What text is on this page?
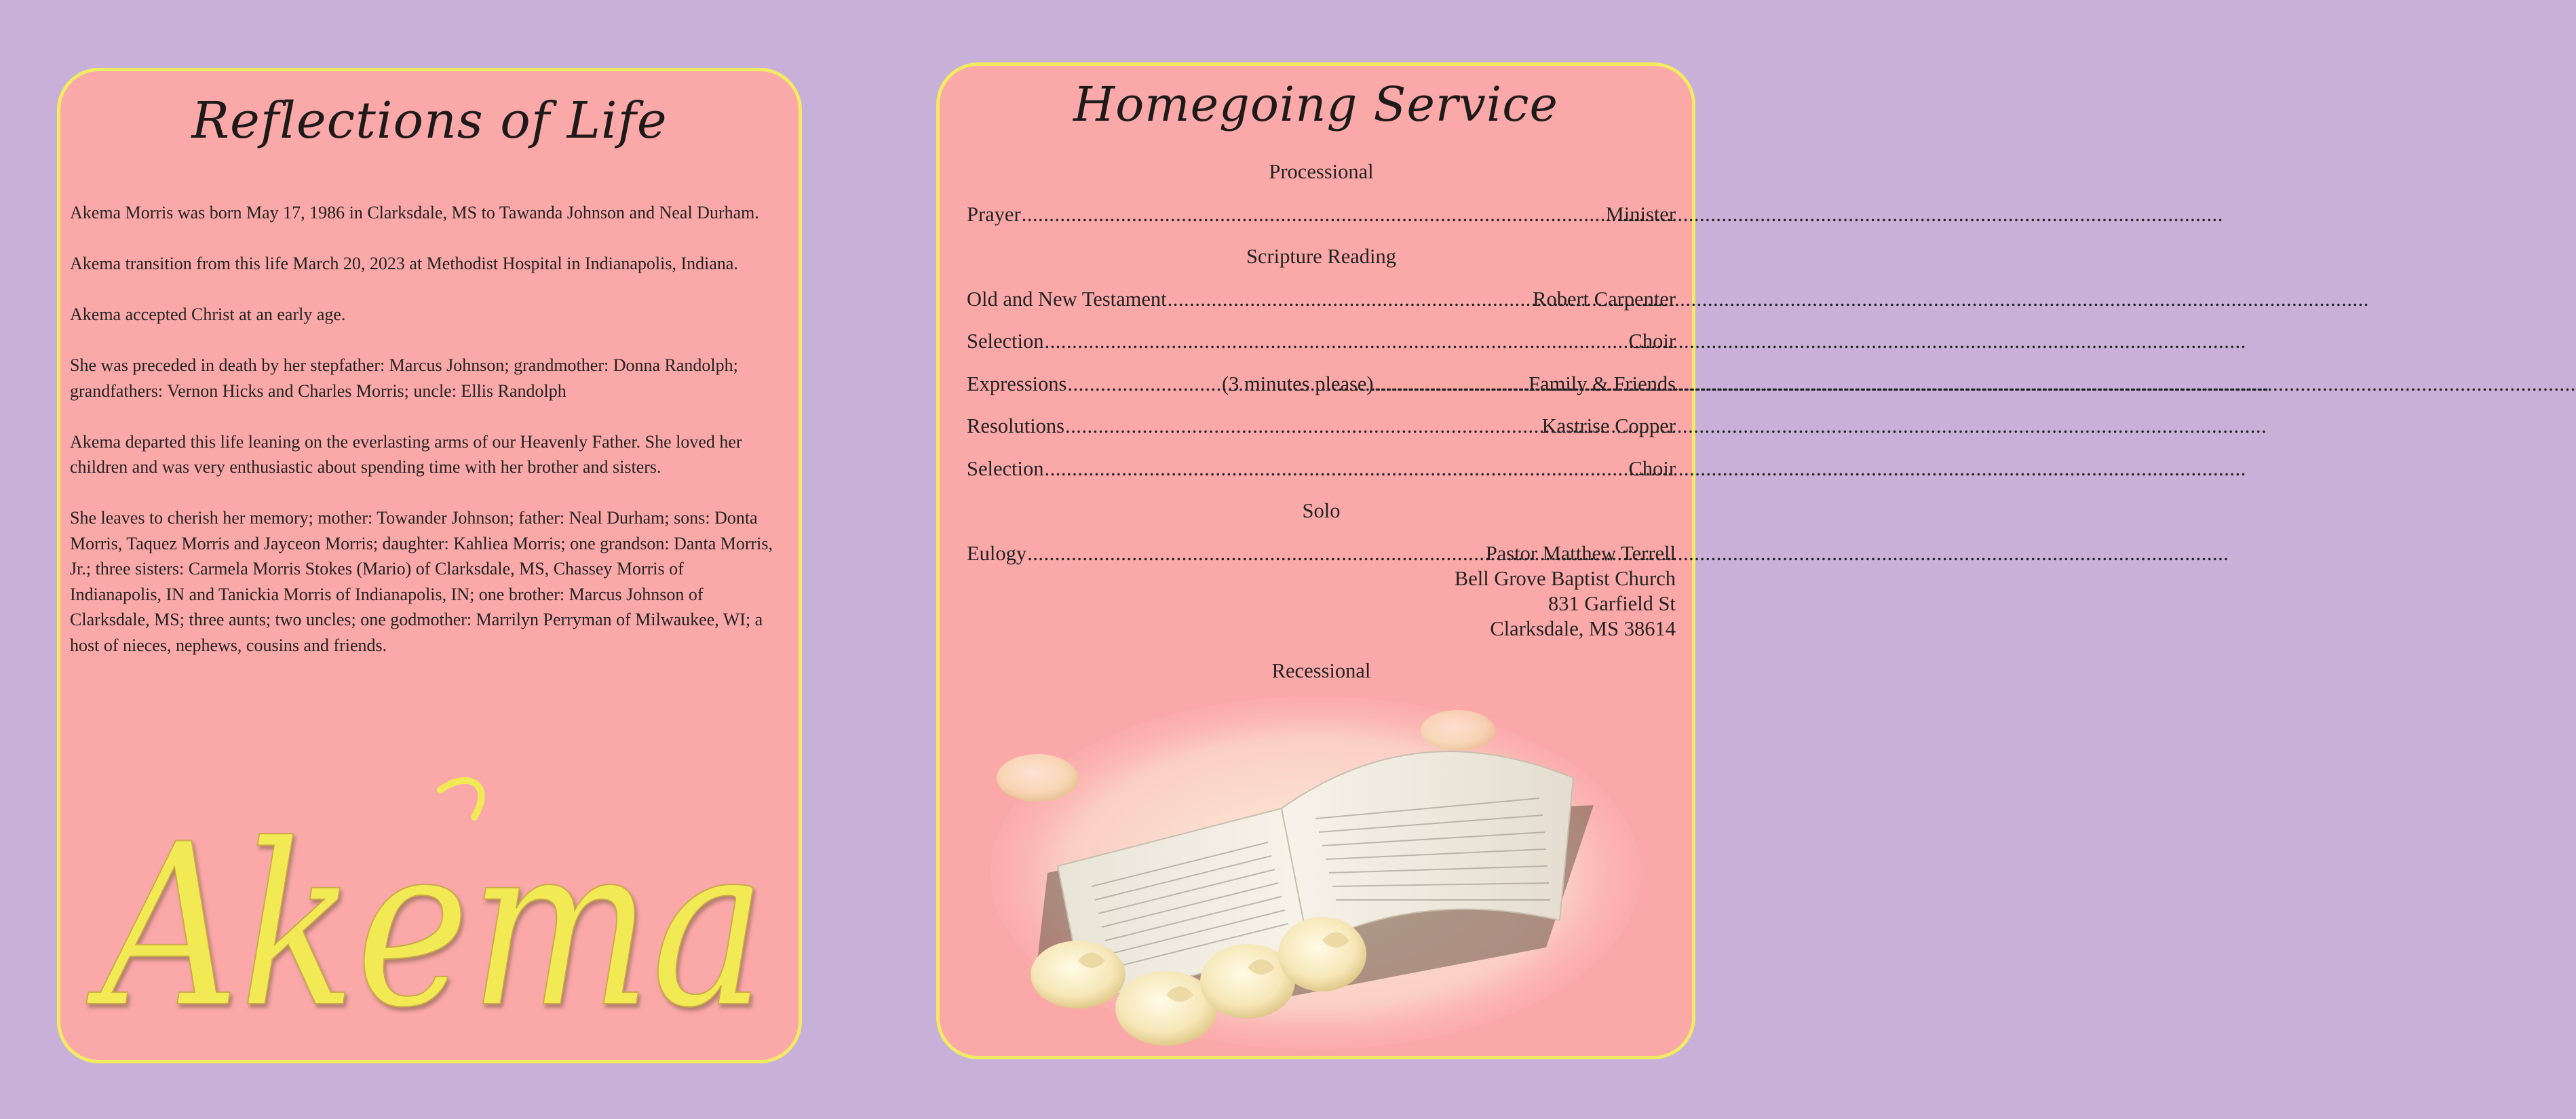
Reflections of Life

Akema Morris was born May 17, 1986 in Clarksdale, MS to Tawanda Johnson and Neal Durham.

Akema transition from this life March 20, 2023 at Methodist Hospital in Indianapolis, Indiana.

Akema accepted Christ at an early age.

She was preceded in death by her stepfather: Marcus Johnson; grandmother: Donna Randolph; grandfathers: Vernon Hicks and Charles Morris; uncle: Ellis Randolph

Akema departed this life leaning on the everlasting arms of our Heavenly Father. She loved her children and was very enthusiastic about spending time with her brother and sisters.

She leaves to cherish her memory; mother: Towander Johnson; father: Neal Durham; sons: Donta Morris, Taquez Morris and Jayceon Morris; daughter: Kahliea Morris; one grandson: Danta Morris, Jr.; three sisters: Carmela Morris Stokes (Mario) of Clarksdale, MS, Chassey Morris of Indianapolis, IN and Tanickia Morris of Indianapolis, IN; one brother: Marcus Johnson of Clarksdale, MS; three aunts; two uncles; one godmother: Marrilyn Perryman of Milwaukee, WI; a host of nieces, nephews, cousins and friends.

Akema
Homegoing Service
Processional
Prayer .....	Minister
Scripture Reading
Old and New Testament .....	Robert Carpenter
Selection .....	Choir
Expressions .....	(3 minutes please) .....	Family & Friends
Resolutions .....	Kastrise Copper
Selection .....	Choir
Solo
Eulogy .....	Pastor Matthew Terrell
Bell Grove Baptist Church
831 Garfield St
Clarksdale, MS 38614
Recessional
